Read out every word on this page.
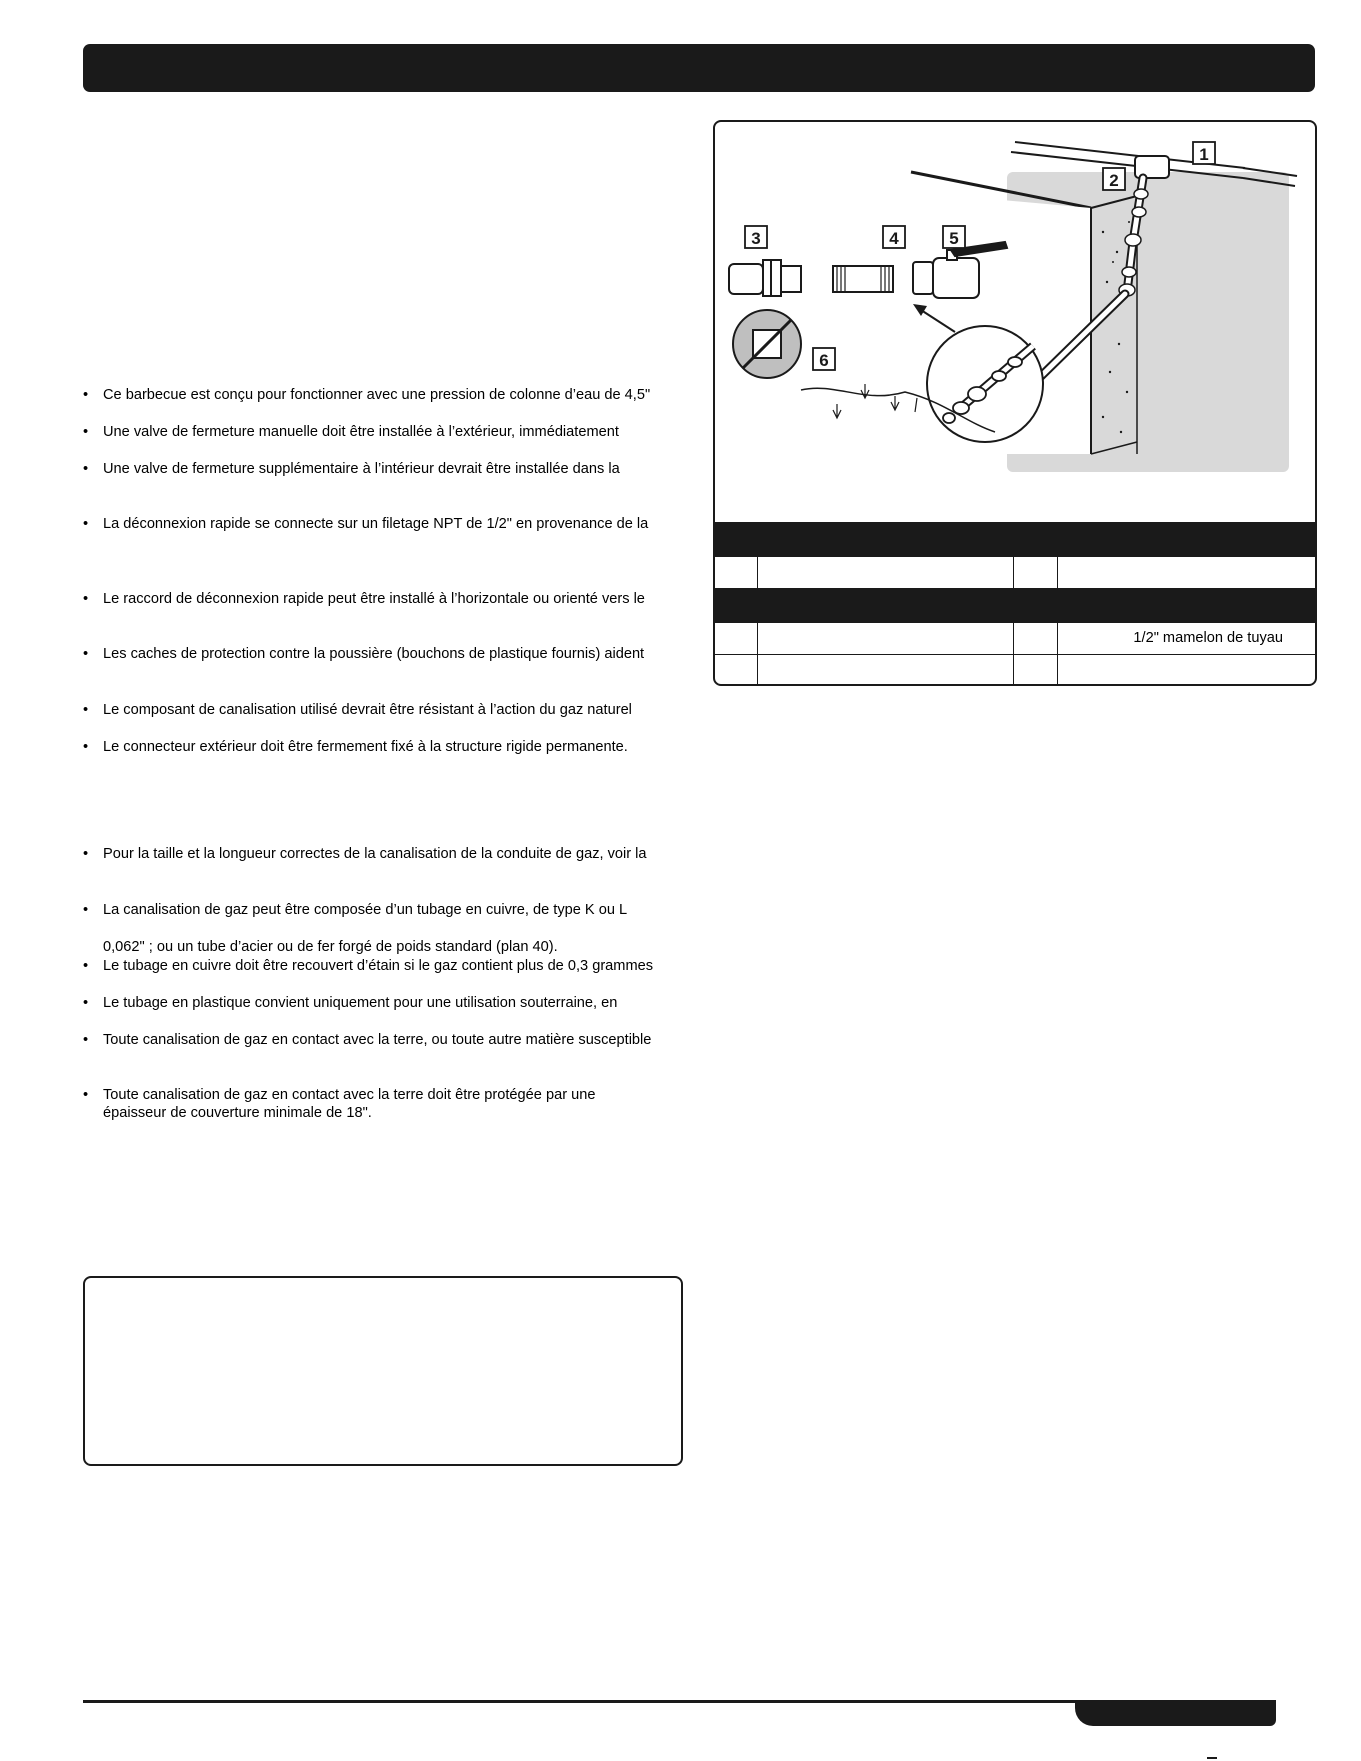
•	Ce barbecue est conçu pour fonctionner avec une pression de colonne d’eau de 4,5"
•	Une valve de fermeture manuelle doit être installée à l’extérieur, immédiatement
•	Une valve de fermeture supplémentaire à l’intérieur devrait être installée dans la
•	La déconnexion rapide se connecte sur un filetage NPT de 1/2" en provenance de la
•	Le raccord de déconnexion rapide peut être installé à l’horizontale ou orienté vers le
•	Les caches de protection contre la poussière (bouchons de plastique fournis) aident
•	Le composant de canalisation utilisé devrait être résistant à l’action du gaz naturel
•	Le connecteur extérieur doit être fermement fixé à la structure rigide permanente.
•	Pour la taille et la longueur correctes de la canalisation de la conduite de gaz, voir la
•	La canalisation de gaz peut être composée d’un tubage en cuivre, de type K ou L
0,062" ; ou un tube d’acier ou de fer forgé de poids standard (plan 40).
•	Le tubage en cuivre doit être recouvert d’étain si le gaz contient plus de 0,3 grammes
•	Le tubage en plastique convient uniquement pour une utilisation souterraine, en
•	Toute canalisation de gaz en contact avec la terre, ou toute autre matière susceptible
•	Toute canalisation de gaz en contact avec la terre doit être protégée par une
épaisseur de couverture minimale de 18".
1
2
3	4	5
6
1/2" mamelon de tuyau
